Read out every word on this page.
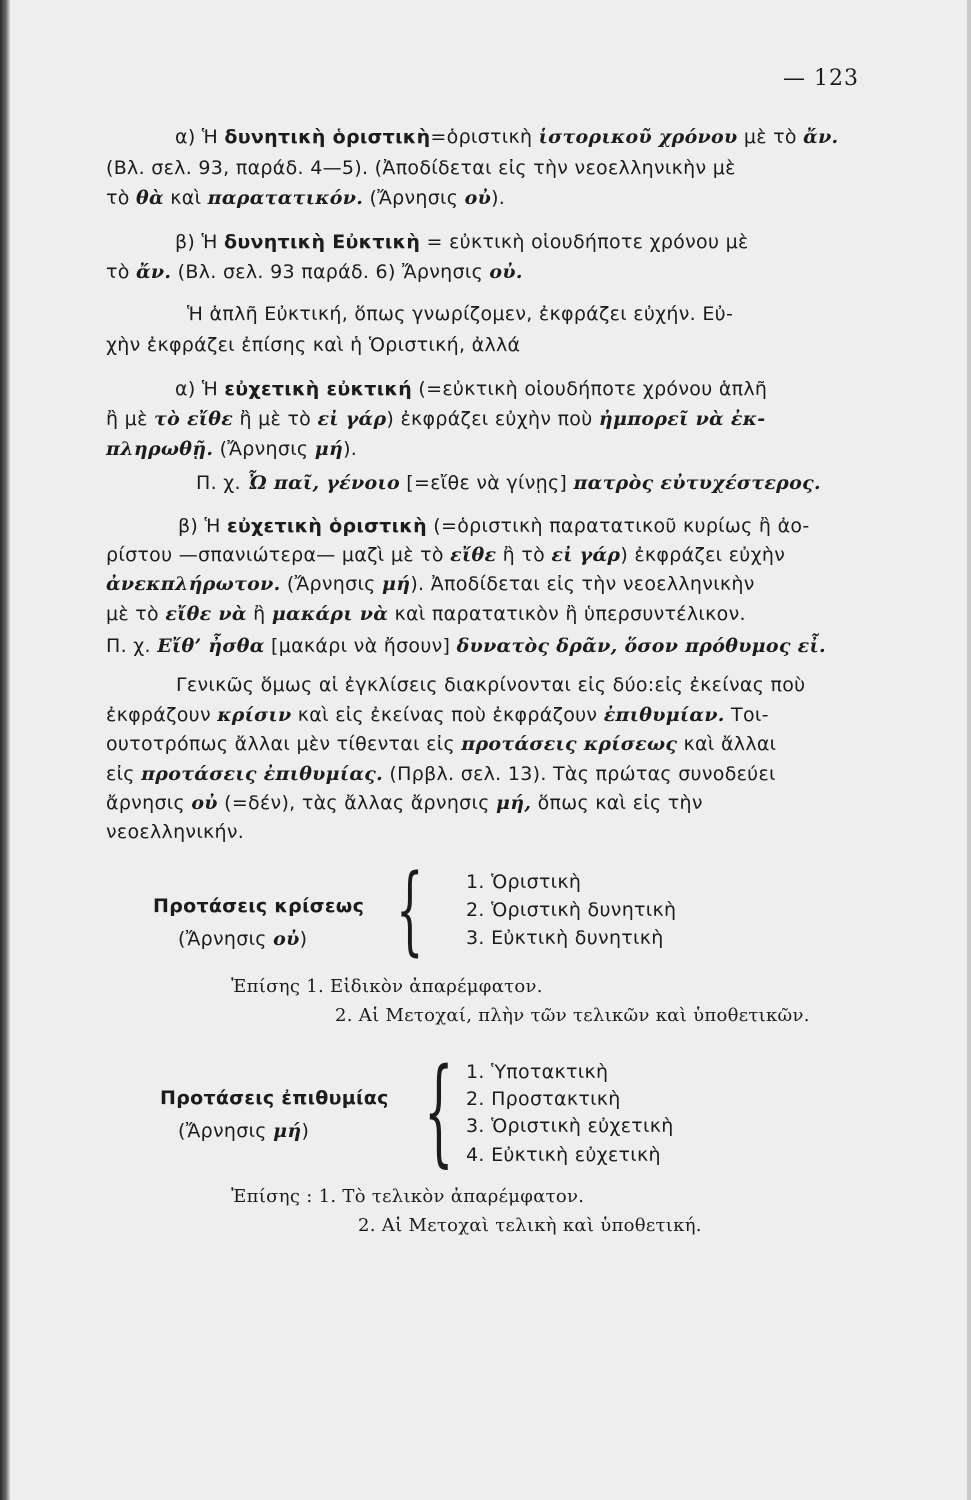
— 123
α) Ἡ δυνητικὴ ὁριστικὴ=ὁριστικὴ ἱστορικοῦ χρόνου μὲ τὸ ἄν.
(Βλ. σελ. 93, παράδ. 4—5). (Ἀποδίδεται εἰς τὴν νεοελληνικὴν μὲ
τὸ θὰ καὶ παρατατικόν. (Ἄρνησις οὐ).
β) Ἡ δυνητικὴ Εὐκτικὴ = εὐκτικὴ οἱουδήποτε χρόνου μὲ
τὸ ἄν. (Βλ. σελ. 93 παράδ. 6) Ἄρνησις οὐ.
Ἡ ἁπλῆ Εὐκτική, ὅπως γνωρίζομεν, ἐκφράζει εὐχήν. Εὐ-
χὴν ἐκφράζει ἐπίσης καὶ ἡ Ὁριστική, ἀλλά
α) Ἡ εὐχετικὴ εὐκτική (=εὐκτικὴ οἱουδήποτε χρόνου ἁπλῆ
ἢ μὲ τὸ εἴθε ἢ μὲ τὸ εἰ γάρ) ἐκφράζει εὐχὴν ποὺ ἠμπορεῖ νὰ ἐκ-
πληρωθῇ. (Ἄρνησις μή).
Π. χ. Ὦ παῖ, γένοιο [=εἴθε νὰ γίνῃς] πατρὸς εὐτυχέστερος.
β) Ἡ εὐχετικὴ ὁριστικὴ (=ὁριστικὴ παρατατικοῦ κυρίως ἢ ἀο-
ρίστου —σπανιώτερα— μαζὶ μὲ τὸ εἴθε ἢ τὸ εἰ γάρ) ἐκφράζει εὐχὴν
ἀνεκπλήρωτον. (Ἄρνησις μή). Ἀποδίδεται εἰς τὴν νεοελληνικὴν
μὲ τὸ εἴθε νὰ ἢ μακάρι νὰ καὶ παρατατικὸν ἢ ὑπερσυντέλικον.
Π. χ. Εἴθ’ ἦσθα [μακάρι νὰ ἤσουν] δυνατὸς δρᾶν, ὅσον πρόθυμος εἶ.
Γενικῶς ὅμως αἱ ἐγκλίσεις διακρίνονται εἰς δύο:εἰς ἐκείνας ποὺ
ἐκφράζουν κρίσιν καὶ εἰς ἐκείνας ποὺ ἐκφράζουν ἐπιθυμίαν. Τοι-
ουτοτρόπως ἄλλαι μὲν τίθενται εἰς προτάσεις κρίσεως καὶ ἄλλαι
εἰς προτάσεις ἐπιθυμίας. (Πρβλ. σελ. 13). Τὰς πρώτας συνοδεύει
ἄρνησις οὐ (=δέν), τὰς ἄλλας ἄρνησις μή, ὅπως καὶ εἰς τὴν
νεοελληνικήν.
Προτάσεις κρίσεως
(Ἄρνησις οὐ) { 1. Ὁριστικὴ
2. Ὁριστικὴ δυνητικὴ
3. Εὐκτικὴ δυνητικὴ
Ἐπίσης 1. Εἰδικὸν ἀπαρέμφατον.
2. Αἱ Μετοχαί, πλὴν τῶν τελικῶν καὶ ὑποθετικῶν.
Προτάσεις ἐπιθυμίας
(Ἄρνησις μή) { 1. Ὑποτακτικὴ
2. Προστακτικὴ
3. Ὁριστικὴ εὐχετικὴ
4. Εὐκτικὴ εὐχετικὴ
Ἐπίσης : 1. Τὸ τελικὸν ἀπαρέμφατον.
2. Αἱ Μετοχαὶ τελικὴ καὶ ὑποθετική.
